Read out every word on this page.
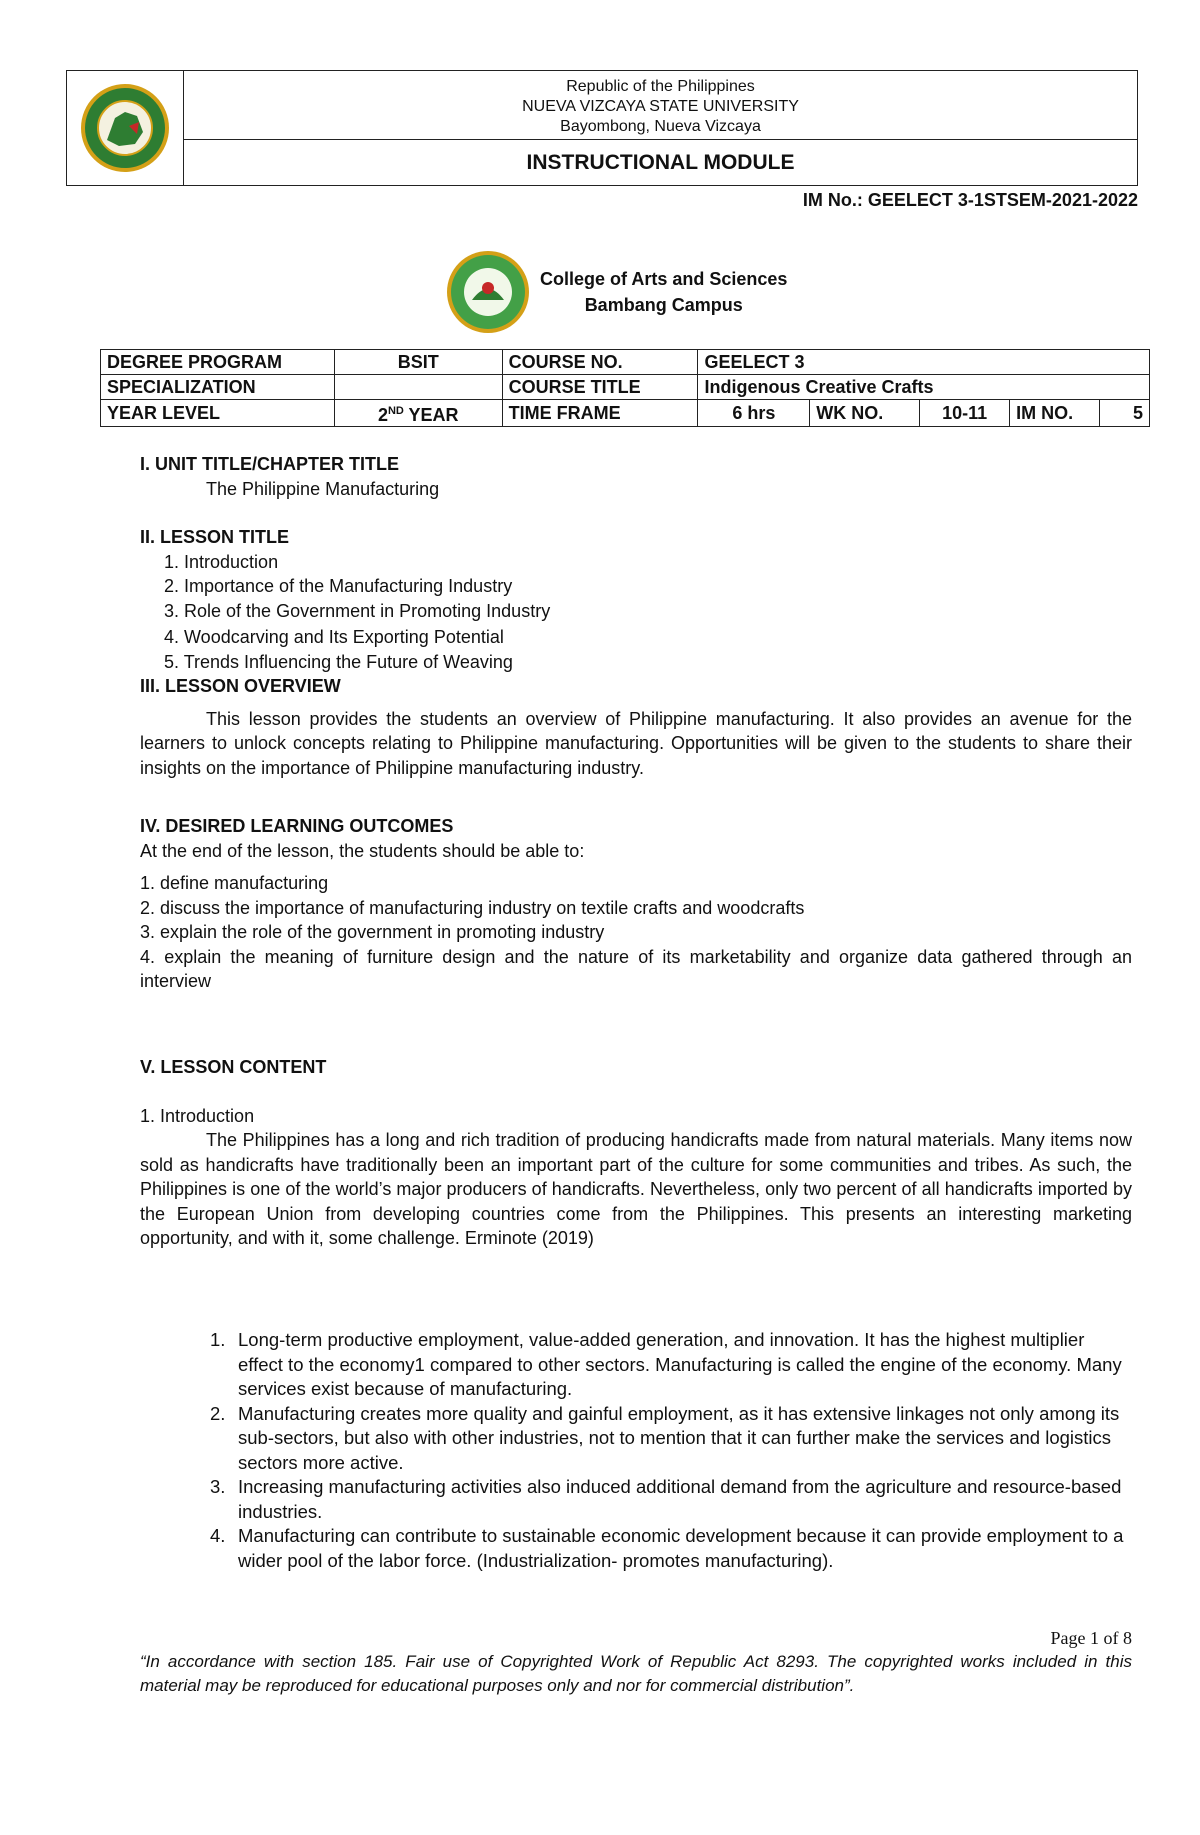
Republic of the Philippines
NUEVA VIZCAYA STATE UNIVERSITY
Bayombong, Nueva Vizcaya
INSTRUCTIONAL MODULE
IM No.: GEELECT 3-1STSEM-2021-2022
College of Arts and Sciences
Bambang Campus
DEGREE PROGRAM	BSIT	COURSE NO.	GEELECT 3				
SPECIALIZATION		COURSE TITLE	Indigenous Creative Crafts				
YEAR LEVEL	2ND YEAR	TIME FRAME	6 hrs	WK NO.	10-11	IM NO.	5
I. UNIT TITLE/CHAPTER TITLE
The Philippine Manufacturing
II. LESSON TITLE
1. Introduction
2. Importance of the Manufacturing Industry
3. Role of the Government in Promoting Industry
4. Woodcarving and Its Exporting Potential
5. Trends Influencing the Future of Weaving
III. LESSON OVERVIEW
This lesson provides the students an overview of Philippine manufacturing. It also provides an avenue for the learners to unlock concepts relating to Philippine manufacturing. Opportunities will be given to the students to share their insights on the importance of Philippine manufacturing industry.
IV. DESIRED LEARNING OUTCOMES
At the end of the lesson, the students should be able to:
1. define manufacturing
2. discuss the importance of manufacturing industry on textile crafts and woodcrafts
3. explain the role of the government in promoting industry
4. explain the meaning of furniture design and the nature of its marketability and organize data gathered through an interview
V. LESSON CONTENT
1. Introduction
The Philippines has a long and rich tradition of producing handicrafts made from natural materials. Many items now sold as handicrafts have traditionally been an important part of the culture for some communities and tribes. As such, the Philippines is one of the world’s major producers of handicrafts. Nevertheless, only two percent of all handicrafts imported by the European Union from developing countries come from the Philippines. This presents an interesting marketing opportunity, and with it, some challenge. Erminote (2019)
1. Long-term productive employment, value-added generation, and innovation. It has the highest multiplier effect to the economy1 compared to other sectors. Manufacturing is called the engine of the economy. Many services exist because of manufacturing.
2. Manufacturing creates more quality and gainful employment, as it has extensive linkages not only among its sub-sectors, but also with other industries, not to mention that it can further make the services and logistics sectors more active.
3. Increasing manufacturing activities also induced additional demand from the agriculture and resource-based industries.
4. Manufacturing can contribute to sustainable economic development because it can provide employment to a wider pool of the labor force. (Industrialization- promotes manufacturing).
Page 1 of 8
“In accordance with section 185. Fair use of Copyrighted Work of Republic Act 8293. The copyrighted works included in this material may be reproduced for educational purposes only and nor for commercial distribution”.
